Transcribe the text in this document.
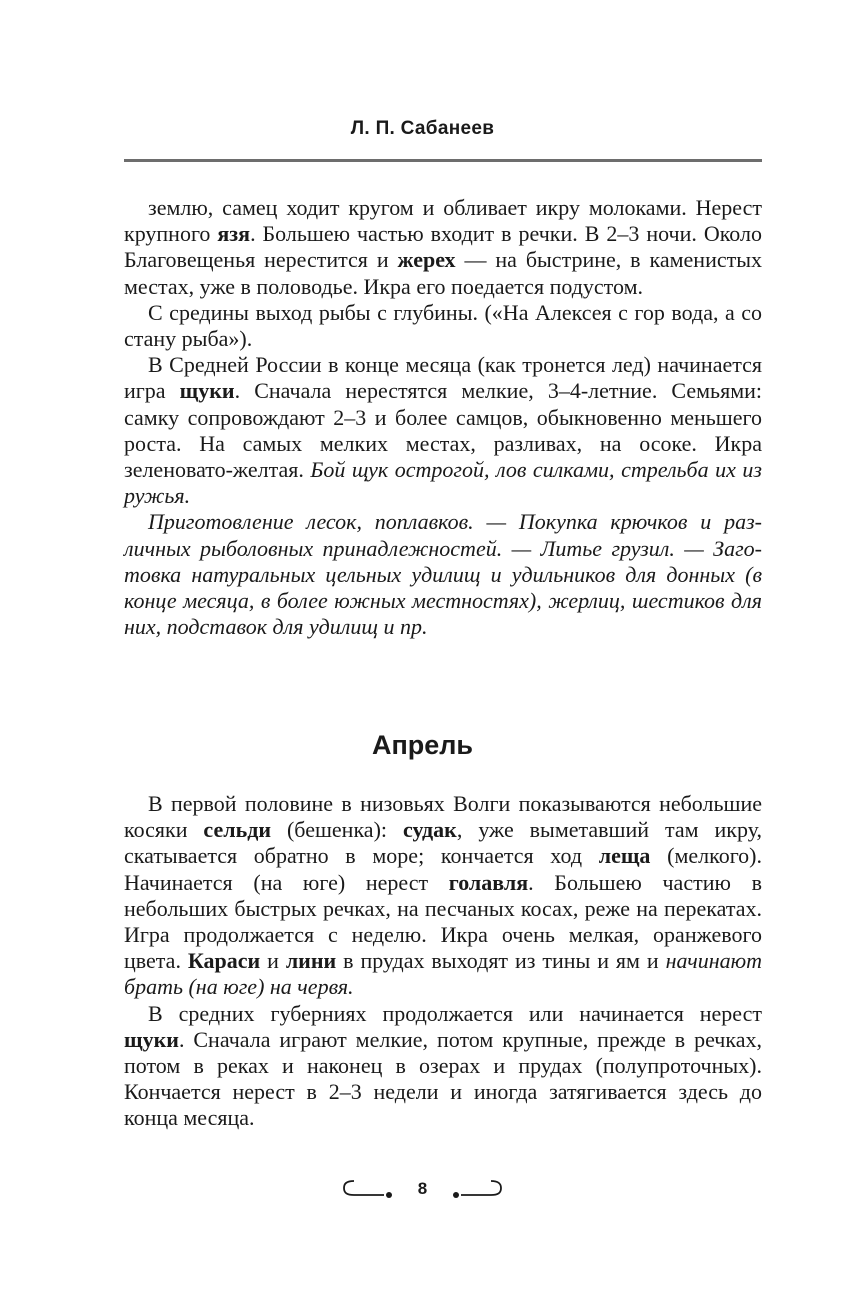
Л. П. Сабанеев

землю, самец ходит кругом и обливает икру молоками. Нерест крупного язя. Большею частью входит в речки. В 2–3 ночи. Около Благовещенья нерестится и жерех — на быстрине, в каменистых местах, уже в половодье. Икра его поедается подустом.

С средины выход рыбы с глубины. («На Алексея с гор вода, а со стану рыба»).

В Средней России в конце месяца (как тронется лед) начинается игра щуки. Сначала нерестятся мелкие, 3–4-летние. Семьями: самку сопровождают 2–3 и более самцов, обыкновенно меньшего роста. На самых мелких местах, разливах, на осоке. Икра зеленовато-желтая. Бой щук острогой, лов силками, стрельба их из ружья.

Приготовление лесок, поплавков. — Покупка крючков и различных рыболовных принадлежностей. — Литье грузил. — Заготовка натуральных цельных удилищ и удильников для донных (в конце месяца, в более южных местностях), жерлиц, шестиков для них, подставок для удилищ и пр.

Апрель

В первой половине в низовьях Волги показываются небольшие косяки сельди (бешенка): судак, уже выметавший там икру, скатывается обратно в море; кончается ход леща (мелкого). Начинается (на юге) нерест голавля. Большею частию в небольших быстрых речках, на песчаных косах, реже на перекатах. Игра продолжается с неделю. Икра очень мелкая, оранжевого цвета. Караси и лини в прудах выходят из тины и ям и начинают брать (на юге) на червя.

В средних губерниях продолжается или начинается нерест щуки. Сначала играют мелкие, потом крупные, прежде в речках, потом в реках и наконец в озерах и прудах (полупроточных). Кончается нерест в 2–3 недели и иногда затягивается здесь до конца месяца.

8
